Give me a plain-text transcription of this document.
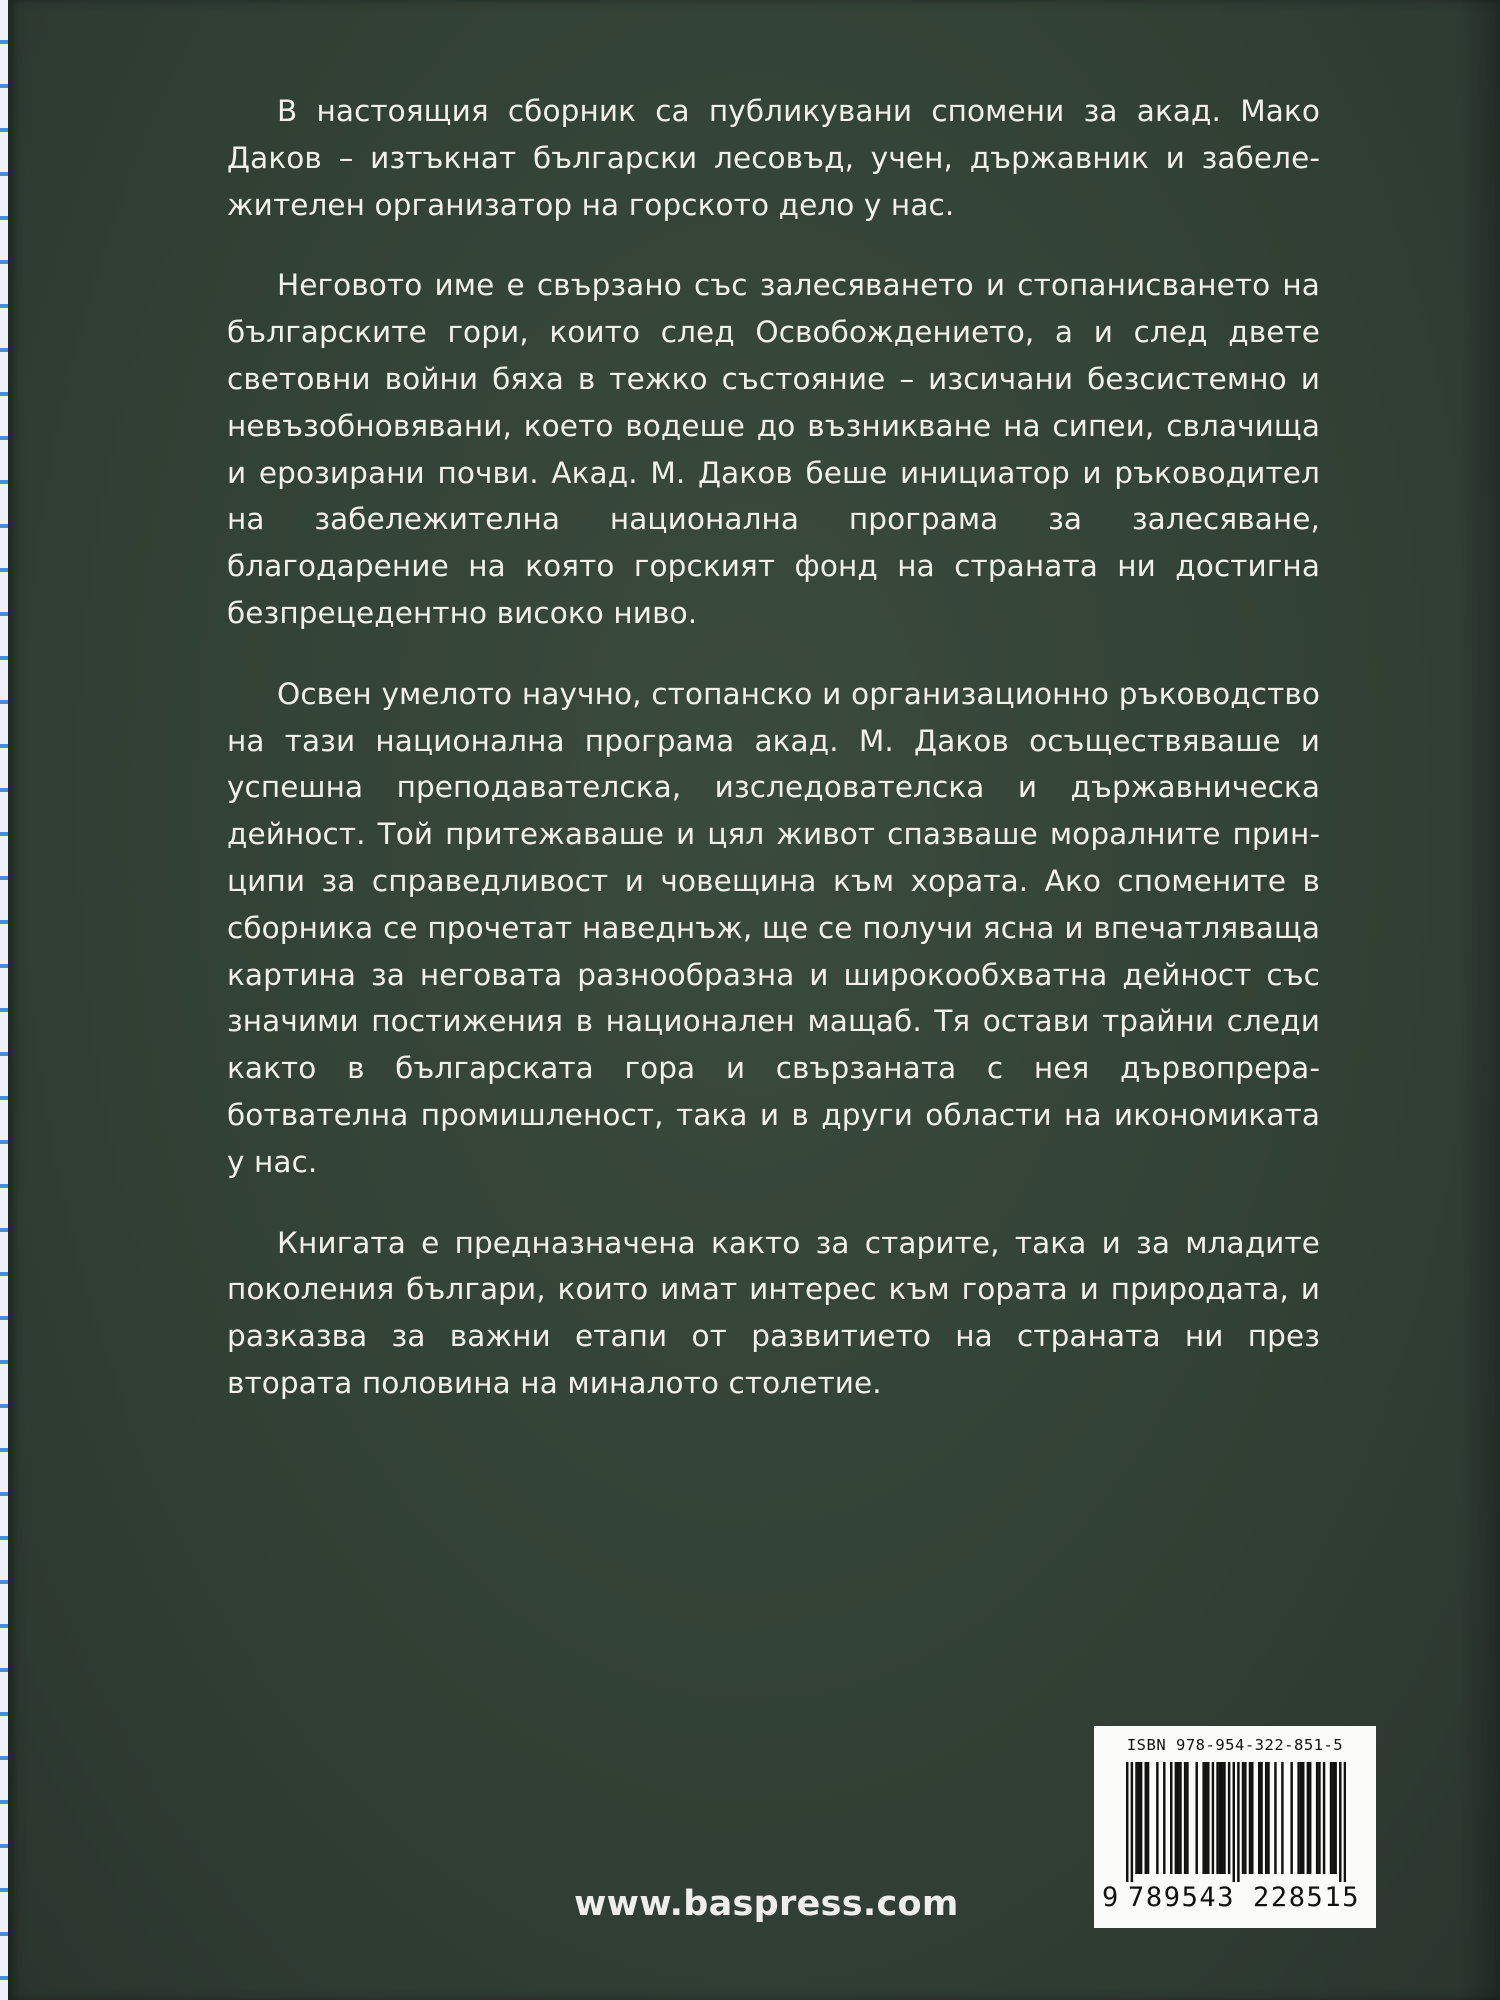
В настоящия сборник са публикувани спомени за акад. Мако Даков – изтъкнат български лесовъд, учен, държавник и забележителен организатор на горското дело у нас.

Неговото име е свързано със залесяването и стопанисването на българските гори, които след Освобождението, а и след двете световни войни бяха в тежко състояние – изсичани безсистемно и невъзобновявани, което водеше до възникване на сипеи, свлачища и ерозирани почви. Акад. М. Даков беше инициатор и ръководител на забележителна национална програма за залесяване, благодарение на която горският фонд на страната ни достигна безпрецедентно високо ниво.

Освен умелото научно, стопанско и организационно ръководство на тази национална програма акад. М. Даков осъществяваше и успешна преподавателска, изследователска и държавническа дейност. Той притежаваше и цял живот спазваше моралните принципи за справедливост и човещина към хората. Ако спомените в сборника се прочетат наведнъж, ще се получи ясна и впечатляваща картина за неговата разнообразна и широкообхватна дейност със значими постижения в национален мащаб. Тя остави трайни следи както в българската гора и свързаната с нея дървопреработвателна промишленост, така и в други области на икономиката у нас.

Книгата е предназначена както за старите, така и за младите поколения българи, които имат интерес към гората и природата, и разказва за важни етапи от развитието на страната ни през втората половина на миналото столетие.

www.baspress.com
ISBN 978-954-322-851-5
9 789543 228515
